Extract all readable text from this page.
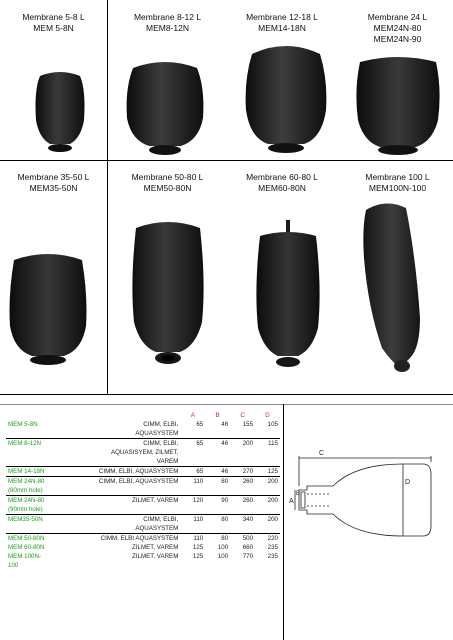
Membrane 5-8 L
MEM 5-8N
Membrane 8-12 L
MEM8-12N
Membrane 12-18 L
MEM14-18N
Membrane 24 L
MEM24N-80
MEM24N-90
Membrane 35-50 L
MEM35-50N
Membrane 50-80 L
MEM50-80N
Membrane 60-80 L
MEM60-80N
Membrane 100 L
MEM100N-100
		A	B	C	D
MEM 5-8N	CIMM, ELBI,
AQUASYSTEM	65	46	155	105
MEM 8-12N	CIMM, ELBI,
AQUASISYEM, ZILMET,
VAREM	65	46	200	115
MEM 14-18N	CIMM, ELBI, AQUASYSTEM	65	46	270	125

MEM 24N-80
(80mm hole)	CIMM, ELBI, AQUASYSTEM	110	80	260	200

MEM 24N-80
(90mm hole)	ZILMET, VAREM	120	90	260	200
MEM35-50N	CIMM, ELBI,
AQUASYSTEM	110	80	340	200
MEM 50-80N	CIMM, ELBI AQUASYSTEM	110	80	500	220
MEM 60-80N	ZILMET, VAREM	125	100	660	235

MEM 100N-
100	ZILMET, VAREM	125	100	770	235
C
A
B
D
